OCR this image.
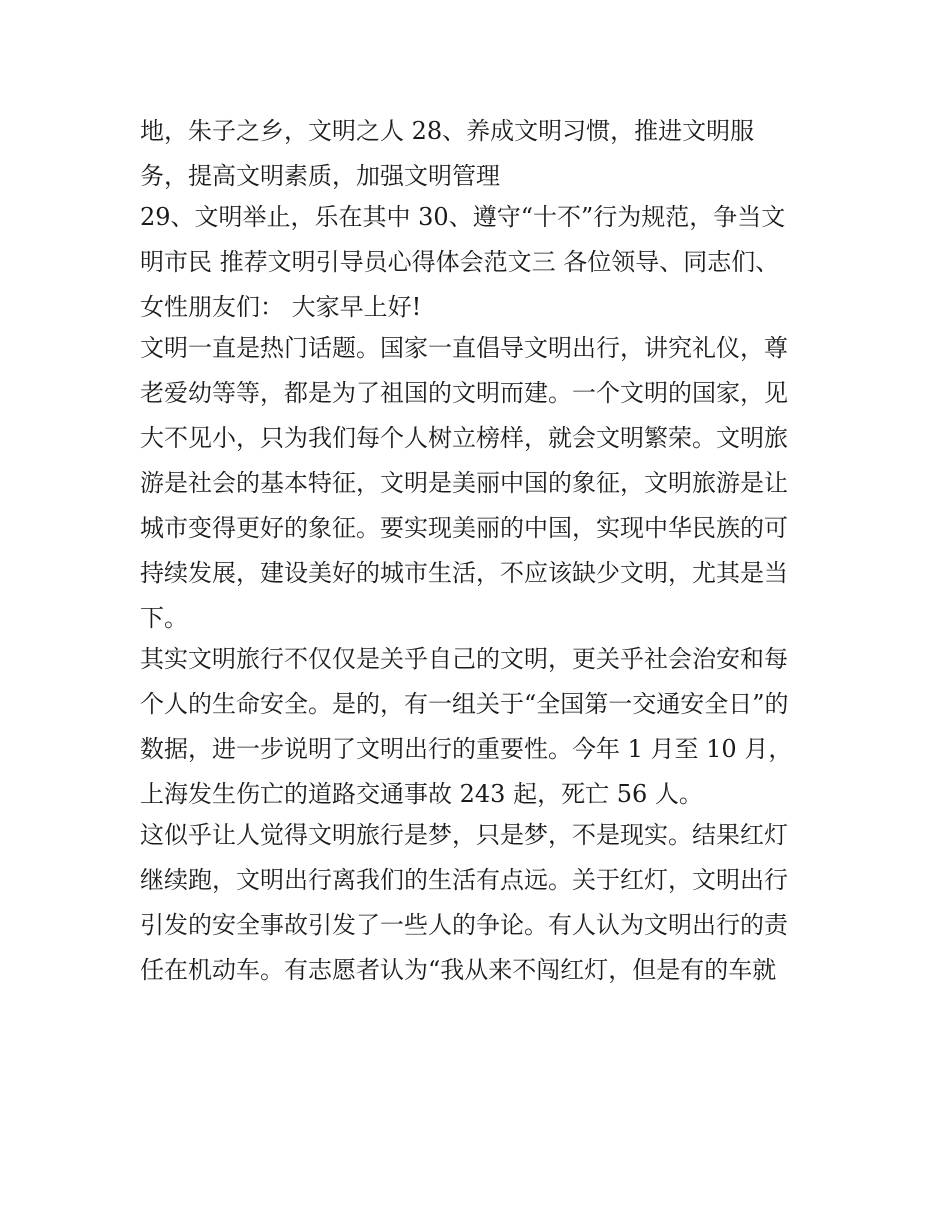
地，朱子之乡，文明之人 28、养成文明习惯，推进文明服
务，提高文明素质，加强文明管理
29、文明举止，乐在其中 30、遵守“十不”行为规范，争当文
明市民 推荐文明引导员心得体会范文三 各位领导、同志们、
女性朋友们： 大家早上好!
文明一直是热门话题。国家一直倡导文明出行，讲究礼仪，尊
老爱幼等等，都是为了祖国的文明而建。一个文明的国家，见
大不见小，只为我们每个人树立榜样，就会文明繁荣。文明旅
游是社会的基本特征，文明是美丽中国的象征，文明旅游是让
城市变得更好的象征。要实现美丽的中国，实现中华民族的可
持续发展，建设美好的城市生活，不应该缺少文明，尤其是当
下。
其实文明旅行不仅仅是关乎自己的文明，更关乎社会治安和每
个人的生命安全。是的，有一组关于“全国第一交通安全日”的
数据，进一步说明了文明出行的重要性。今年 1 月至 10 月，
上海发生伤亡的道路交通事故 243 起，死亡 56 人。
这似乎让人觉得文明旅行是梦，只是梦，不是现实。结果红灯
继续跑，文明出行离我们的生活有点远。关于红灯，文明出行
引发的安全事故引发了一些人的争论。有人认为文明出行的责
任在机动车。有志愿者认为“我从来不闯红灯，但是有的车就
